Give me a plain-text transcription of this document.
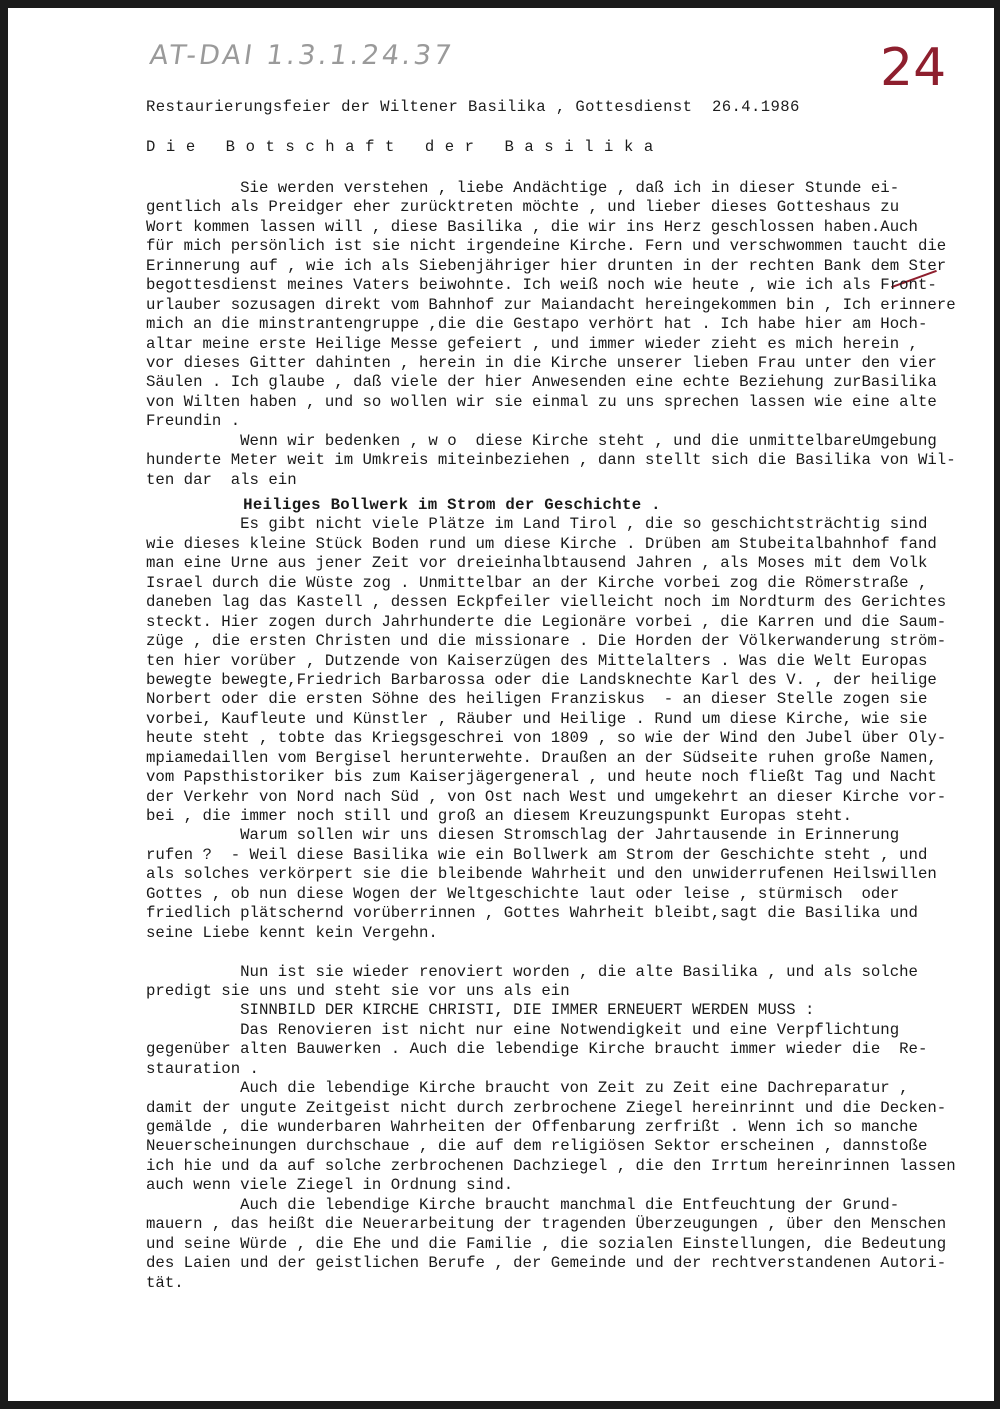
AT-DAI 1.3.1.24.37	24
Restaurierungsfeier der Wiltener Basilika , Gottesdienst  26.4.1986
D i e   B o t s c h a f t   d e r   B a s i l i k a
Sie werden verstehen , liebe Andächtige , daß ich in dieser Stunde ei-
gentlich als Preidger eher zurücktreten möchte , und lieber dieses Gotteshaus zu
Wort kommen lassen will , diese Basilika , die wir ins Herz geschlossen haben.Auch
für mich persönlich ist sie nicht irgendeine Kirche. Fern und verschwommen taucht die
Erinnerung auf , wie ich als Siebenjähriger hier drunten in der rechten Bank dem Ster
begottesdienst meines Vaters beiwohnte. Ich weiß noch wie heute , wie ich als Front-
urlauber sozusagen direkt vom Bahnhof zur Maiandacht hereingekommen bin , Ich erinnere
mich an die minstrantengruppe ,die die Gestapo verhört hat . Ich habe hier am Hoch-
altar meine erste Heilige Messe gefeiert , und immer wieder zieht es mich herein ,
vor dieses Gitter dahinten , herein in die Kirche unserer lieben Frau unter den vier
Säulen . Ich glaube , daß viele der hier Anwesenden eine echte Beziehung zurBasilika
von Wilten haben , und so wollen wir sie einmal zu uns sprechen lassen wie eine alte
Freundin .
Wenn wir bedenken , w o  diese Kirche steht , und die unmittelbareUmgebung
hunderte Meter weit im Umkreis miteinbeziehen , dann stellt sich die Basilika von Wil-
ten dar  als ein
Heiliges Bollwerk im Strom der Geschichte .
Es gibt nicht viele Plätze im Land Tirol , die so geschichtsträchtig sind
wie dieses kleine Stück Boden rund um diese Kirche . Drüben am Stubeitalbahnhof fand
man eine Urne aus jener Zeit vor dreieinhalbtausend Jahren , als Moses mit dem Volk
Israel durch die Wüste zog . Unmittelbar an der Kirche vorbei zog die Römerstraße ,
daneben lag das Kastell , dessen Eckpfeiler vielleicht noch im Nordturm des Gerichtes
steckt. Hier zogen durch Jahrhunderte die Legionäre vorbei , die Karren und die Saum-
züge , die ersten Christen und die missionare . Die Horden der Völkerwanderung ström-
ten hier vorüber , Dutzende von Kaiserzügen des Mittelalters . Was die Welt Europas
bewegte bewegte,Friedrich Barbarossa oder die Landsknechte Karl des V. , der heilige
Norbert oder die ersten Söhne des heiligen Franziskus  - an dieser Stelle zogen sie
vorbei, Kaufleute und Künstler , Räuber und Heilige . Rund um diese Kirche, wie sie
heute steht , tobte das Kriegsgeschrei von 1809 , so wie der Wind den Jubel über Oly-
mpiamedaillen vom Bergisel herunterwehte. Draußen an der Südseite ruhen große Namen,
vom Papsthistoriker bis zum Kaiserjägergeneral , und heute noch fließt Tag und Nacht
der Verkehr von Nord nach Süd , von Ost nach West und umgekehrt an dieser Kirche vor-
bei , die immer noch still und groß an diesem Kreuzungspunkt Europas steht.
Warum sollen wir uns diesen Stromschlag der Jahrtausende in Erinnerung
rufen ?  - Weil diese Basilika wie ein Bollwerk am Strom der Geschichte steht , und
als solches verkörpert sie die bleibende Wahrheit und den unwiderrufenen Heilswillen
Gottes , ob nun diese Wogen der Weltgeschichte laut oder leise , stürmisch  oder
friedlich plätschernd vorüberrinnen , Gottes Wahrheit bleibt,sagt die Basilika und
seine Liebe kennt kein Vergehn.
Nun ist sie wieder renoviert worden , die alte Basilika , und als solche
predigt sie uns und steht sie vor uns als ein
SINNBILD DER KIRCHE CHRISTI, DIE IMMER ERNEUERT WERDEN MUSS :
Das Renovieren ist nicht nur eine Notwendigkeit und eine Verpflichtung
gegenüber alten Bauwerken . Auch die lebendige Kirche braucht immer wieder die  Re-
stauration .
Auch die lebendige Kirche braucht von Zeit zu Zeit eine Dachreparatur ,
damit der ungute Zeitgeist nicht durch zerbrochene Ziegel hereinrinnt und die Decken-
gemälde , die wunderbaren Wahrheiten der Offenbarung zerfrißt . Wenn ich so manche
Neuerscheinungen durchschaue , die auf dem religiösen Sektor erscheinen , dannstoße
ich hie und da auf solche zerbrochenen Dachziegel , die den Irrtum hereinrinnen lassen
auch wenn viele Ziegel in Ordnung sind.
Auch die lebendige Kirche braucht manchmal die Entfeuchtung der Grund-
mauern , das heißt die Neuerarbeitung der tragenden Überzeugungen , über den Menschen
und seine Würde , die Ehe und die Familie , die sozialen Einstellungen, die Bedeutung
des Laien und der geistlichen Berufe , der Gemeinde und der rechtverstandenen Autori-
tät.
